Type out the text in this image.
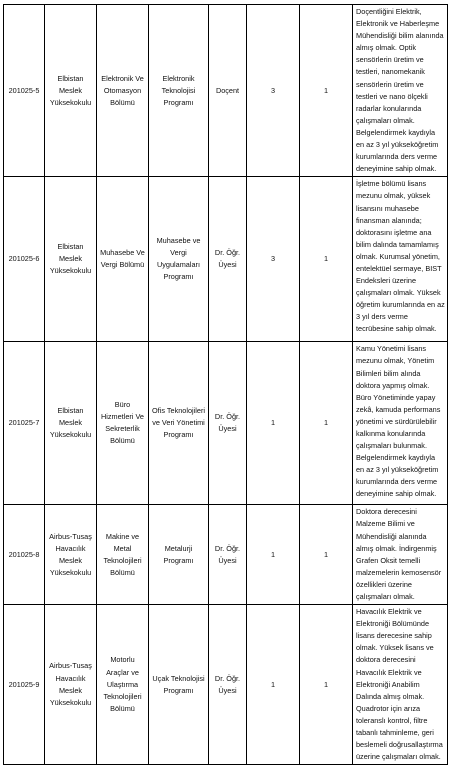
201025-5	Elbistan Meslek Yüksekokulu	Elektronik Ve Otomasyon Bölümü	Elektronik Teknolojisi Programı	Doçent	3	1	Doçentliğini Elektrik, Elektronik ve Haberleşme Mühendisliği bilim alanında almış olmak. Optik sensörlerin üretim ve testleri, nanomekanik sensörlerin üretim ve testleri ve nano ölçekli radarlar konularında çalışmaları olmak. Belgelendirmek kaydıyla en az 3 yıl yükseköğretim kurumlarında ders verme deneyimine sahip olmak.
201025-6	Elbistan Meslek Yüksekokulu	Muhasebe Ve Vergi Bölümü	Muhasebe ve Vergi Uygulamaları Programı	Dr. Öğr. Üyesi	3	1	İşletme bölümü lisans mezunu olmak, yüksek lisansını muhasebe finansman alanında; doktorasını işletme ana bilim dalında tamamlamış olmak. Kurumsal yönetim, entelektüel sermaye, BIST Endeksleri üzerine çalışmaları olmak. Yüksek öğretim kurumlarında en az 3 yıl ders verme tecrübesine sahip olmak.
201025-7	Elbistan Meslek Yüksekokulu	Büro Hizmetleri Ve Sekreterlik Bölümü	Ofis Teknolojileri ve Veri Yönetimi Programı	Dr. Öğr. Üyesi	1	1	Kamu Yönetimi lisans mezunu olmak, Yönetim Bilimleri bilim alında doktora yapmış olmak. Büro Yönetiminde yapay zekâ, kamuda performans yönetimi ve sürdürülebilir kalkınma konularında çalışmaları bulunmak. Belgelendirmek kaydıyla en az 3 yıl yükseköğretim kurumlarında ders verme deneyimine sahip olmak.
201025-8	Airbus-Tusaş Havacılık Meslek Yüksekokulu	Makine ve Metal Teknolojileri Bölümü	Metalurji Programı	Dr. Öğr. Üyesi	1	1	Doktora derecesini Malzeme Bilimi ve Mühendisliği alanında almış olmak. İndirgenmiş Grafen Oksit temelli malzemelerin kemosensör özellikleri üzerine çalışmaları olmak.
201025-9	Airbus-Tusaş Havacılık Meslek Yüksekokulu	Motorlu Araçlar ve Ulaştırma Teknolojileri Bölümü	Uçak Teknolojisi Programı	Dr. Öğr. Üyesi	1	1	Havacılık Elektrik ve Elektroniği Bölümünde lisans derecesine sahip olmak. Yüksek lisans ve doktora derecesini Havacılık Elektrik ve Elektroniği Anabilim Dalında almış olmak. Quadrotor için arıza toleranslı kontrol, filtre tabanlı tahminleme, geri beslemeli doğrusallaştırma üzerine çalışmaları olmak.
